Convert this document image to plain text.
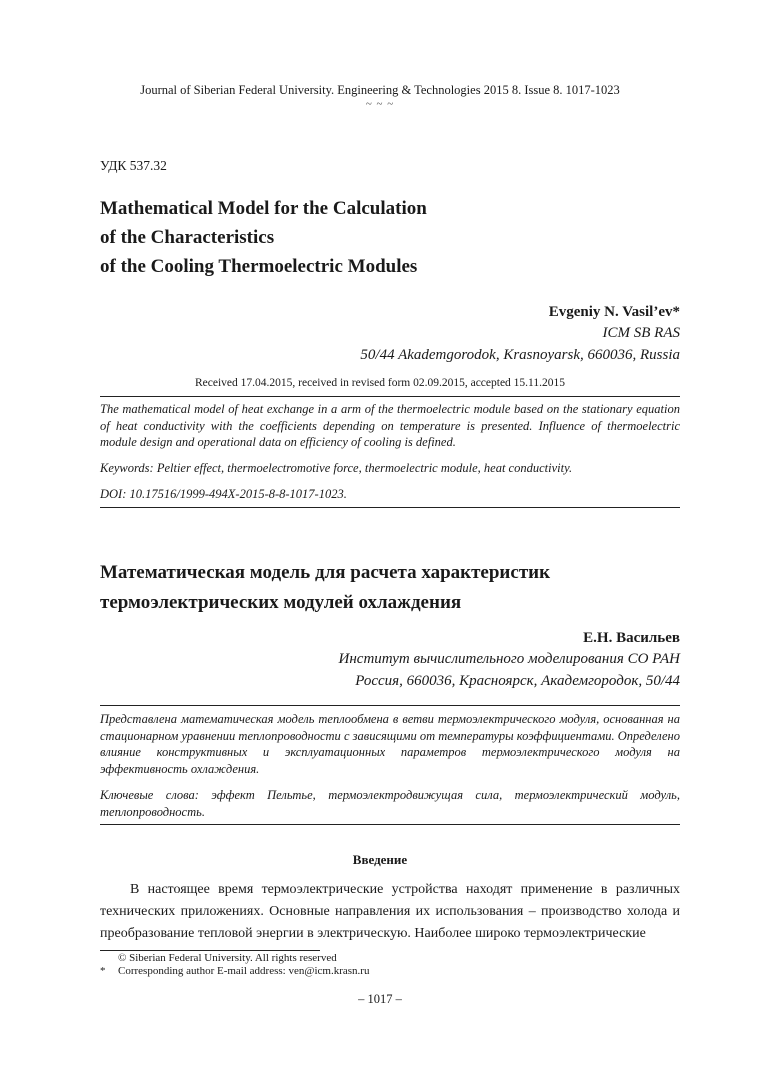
Journal of Siberian Federal University. Engineering & Technologies 2015 8. Issue 8. 1017-1023
~ ~ ~
УДК 537.32
Mathematical Model for the Calculation
of the Characteristics
of the Cooling Thermoelectric Modules
Evgeniy N. Vasil’ev*
ICM SB RAS
50/44 Akademgorodok, Krasnoyarsk, 660036, Russia
Received 17.04.2015, received in revised form 02.09.2015, accepted 15.11.2015
The mathematical model of heat exchange in a arm of the thermoelectric module based on the stationary equation of heat conductivity with the coefficients depending on temperature is presented. Influence of thermoelectric module design and operational data on efficiency of cooling is defined.
Keywords: Peltier effect, thermoelectromotive force, thermoelectric module, heat conductivity.
DOI: 10.17516/1999-494X-2015-8-8-1017-1023.
Математическая модель для расчета характеристик
термоэлектрических модулей охлаждения
Е.Н. Васильев
Институт вычислительного моделирования СО РАН
Россия, 660036, Красноярск, Академгородок, 50/44
Представлена математическая модель теплообмена в ветви термоэлектрического модуля, основанная на стационарном уравнении теплопроводности с зависящими от температуры коэффициентами. Определено влияние конструктивных и эксплуатационных параметров термоэлектрического модуля на эффективность охлаждения.
Ключевые слова: эффект Пельтье, термоэлектродвижущая сила, термоэлектрический модуль, теплопроводность.
Введение

В настоящее время термоэлектрические устройства находят применение в различных технических приложениях. Основные направления их использования – производство холода и преобразование тепловой энергии в электрическую. Наиболее широко термоэлектрические

© Siberian Federal University. All rights reserved
*	Corresponding author E-mail address: ven@icm.krasn.ru
– 1017 –
